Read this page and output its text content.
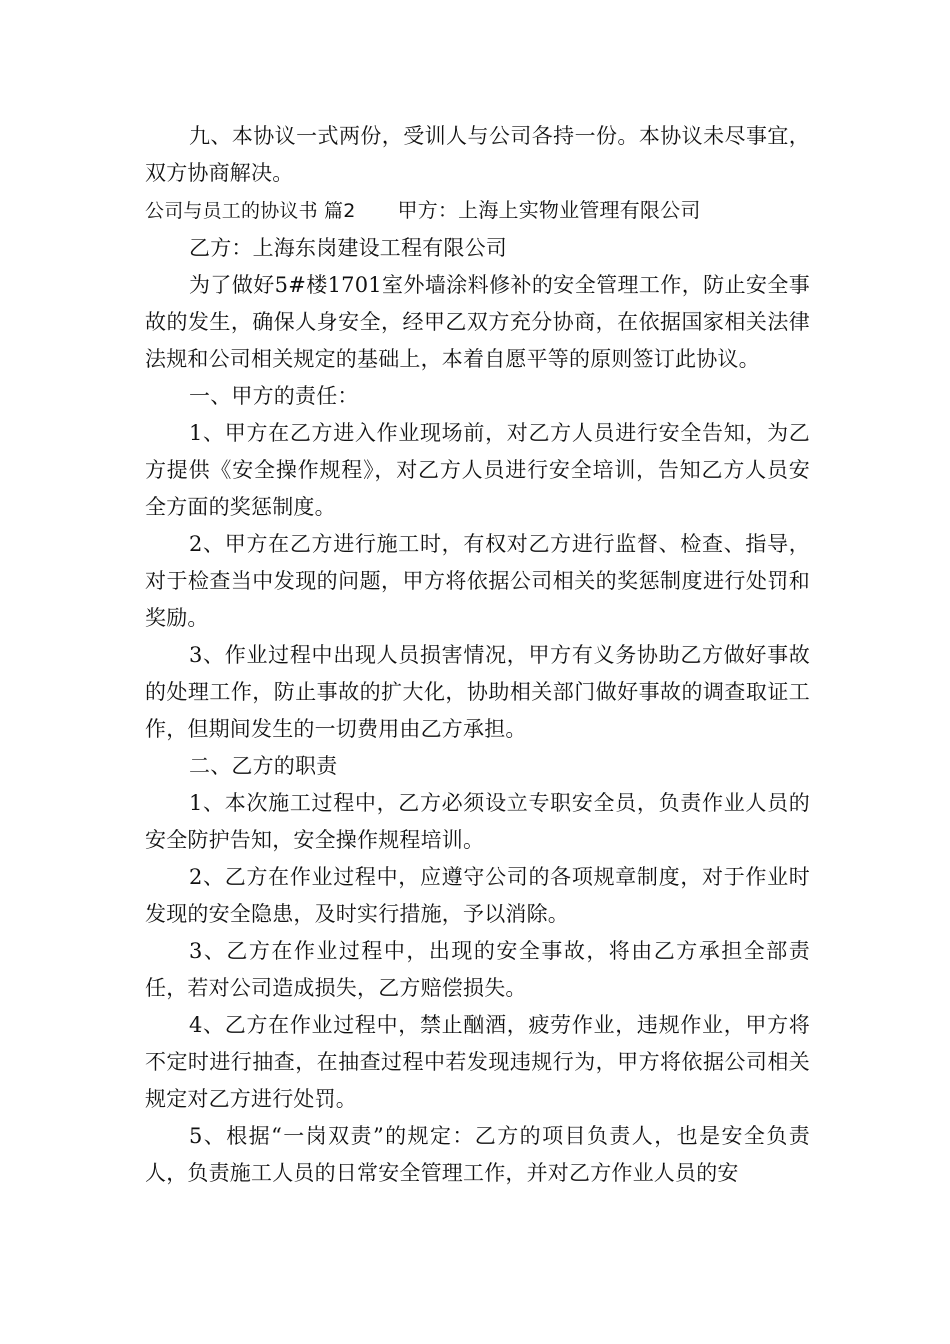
九、本协议一式两份，受训人与公司各持一份。本协议未尽事宜，双方协商解决。

公司与员工的协议书 篇2 甲方：上海上实物业管理有限公司

乙方：上海东岗建设工程有限公司

为了做好5#楼1701室外墙涂料修补的安全管理工作，防止安全事故的发生，确保人身安全，经甲乙双方充分协商，在依据国家相关法律法规和公司相关规定的基础上，本着自愿平等的原则签订此协议。

一、甲方的责任：

1、甲方在乙方进入作业现场前，对乙方人员进行安全告知，为乙方提供《安全操作规程》，对乙方人员进行安全培训，告知乙方人员安全方面的奖惩制度。

2、甲方在乙方进行施工时，有权对乙方进行监督、检查、指导，对于检查当中发现的问题，甲方将依据公司相关的奖惩制度进行处罚和奖励。

3、作业过程中出现人员损害情况，甲方有义务协助乙方做好事故的处理工作，防止事故的扩大化，协助相关部门做好事故的调查取证工作，但期间发生的一切费用由乙方承担。

二、乙方的职责

1、本次施工过程中，乙方必须设立专职安全员，负责作业人员的安全防护告知，安全操作规程培训。

2、乙方在作业过程中，应遵守公司的各项规章制度，对于作业时发现的安全隐患，及时实行措施，予以消除。

3、乙方在作业过程中，出现的安全事故，将由乙方承担全部责任，若对公司造成损失，乙方赔偿损失。

4、乙方在作业过程中，禁止酗酒，疲劳作业，违规作业，甲方将不定时进行抽查，在抽查过程中若发现违规行为，甲方将依据公司相关规定对乙方进行处罚。

5、根据“一岗双责”的规定：乙方的项目负责人，也是安全负责人，负责施工人员的日常安全管理工作，并对乙方作业人员的安
